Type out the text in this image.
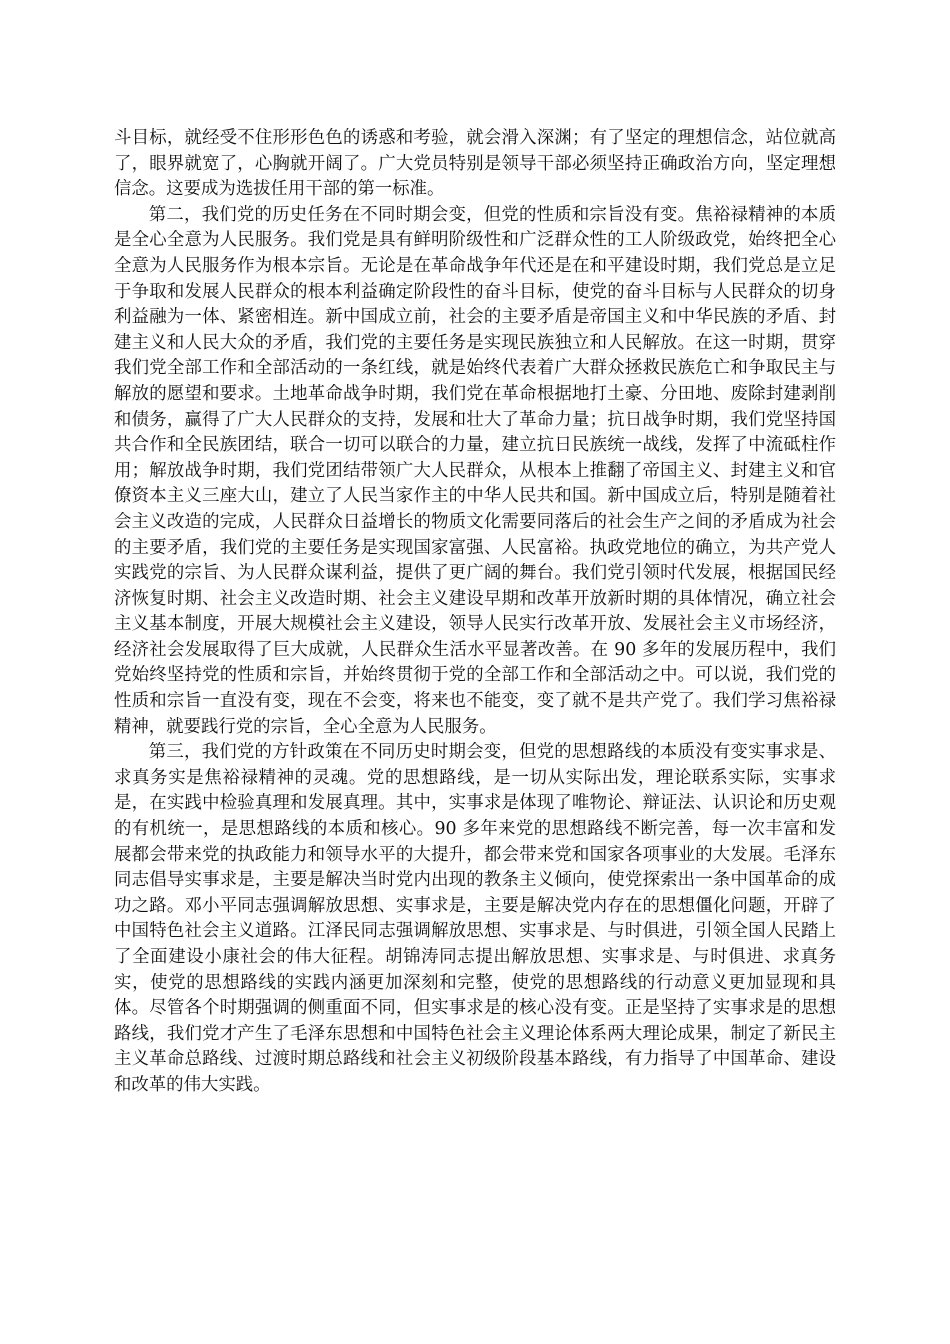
斗目标，就经受不住形形色色的诱惑和考验，就会滑入深渊；有了坚定的理想信念，站位就高了，眼界就宽了，心胸就开阔了。广大党员特别是领导干部必须坚持正确政治方向，坚定理想信念。这要成为选拔任用干部的第一标准。

第二，我们党的历史任务在不同时期会变，但党的性质和宗旨没有变。焦裕禄精神的本质是全心全意为人民服务。我们党是具有鲜明阶级性和广泛群众性的工人阶级政党，始终把全心全意为人民服务作为根本宗旨。无论是在革命战争年代还是在和平建设时期，我们党总是立足于争取和发展人民群众的根本利益确定阶段性的奋斗目标，使党的奋斗目标与人民群众的切身利益融为一体、紧密相连。新中国成立前，社会的主要矛盾是帝国主义和中华民族的矛盾、封建主义和人民大众的矛盾，我们党的主要任务是实现民族独立和人民解放。在这一时期，贯穿我们党全部工作和全部活动的一条红线，就是始终代表着广大群众拯救民族危亡和争取民主与解放的愿望和要求。土地革命战争时期，我们党在革命根据地打土豪、分田地、废除封建剥削和债务，赢得了广大人民群众的支持，发展和壮大了革命力量；抗日战争时期，我们党坚持国共合作和全民族团结，联合一切可以联合的力量，建立抗日民族统一战线，发挥了中流砥柱作用；解放战争时期，我们党团结带领广大人民群众，从根本上推翻了帝国主义、封建主义和官僚资本主义三座大山，建立了人民当家作主的中华人民共和国。新中国成立后，特别是随着社会主义改造的完成，人民群众日益增长的物质文化需要同落后的社会生产之间的矛盾成为社会的主要矛盾，我们党的主要任务是实现国家富强、人民富裕。执政党地位的确立，为共产党人实践党的宗旨、为人民群众谋利益，提供了更广阔的舞台。我们党引领时代发展，根据国民经济恢复时期、社会主义改造时期、社会主义建设早期和改革开放新时期的具体情况，确立社会主义基本制度，开展大规模社会主义建设，领导人民实行改革开放、发展社会主义市场经济，经济社会发展取得了巨大成就，人民群众生活水平显著改善。在 90 多年的发展历程中，我们党始终坚持党的性质和宗旨，并始终贯彻于党的全部工作和全部活动之中。可以说，我们党的性质和宗旨一直没有变，现在不会变，将来也不能变，变了就不是共产党了。我们学习焦裕禄精神，就要践行党的宗旨，全心全意为人民服务。

第三，我们党的方针政策在不同历史时期会变，但党的思想路线的本质没有变实事求是、求真务实是焦裕禄精神的灵魂。党的思想路线，是一切从实际出发，理论联系实际，实事求是，在实践中检验真理和发展真理。其中，实事求是体现了唯物论、辩证法、认识论和历史观的有机统一，是思想路线的本质和核心。90 多年来党的思想路线不断完善，每一次丰富和发展都会带来党的执政能力和领导水平的大提升，都会带来党和国家各项事业的大发展。毛泽东同志倡导实事求是，主要是解决当时党内出现的教条主义倾向，使党探索出一条中国革命的成功之路。邓小平同志强调解放思想、实事求是，主要是解决党内存在的思想僵化问题，开辟了中国特色社会主义道路。江泽民同志强调解放思想、实事求是、与时俱进，引领全国人民踏上了全面建设小康社会的伟大征程。胡锦涛同志提出解放思想、实事求是、与时俱进、求真务实，使党的思想路线的实践内涵更加深刻和完整，使党的思想路线的行动意义更加显现和具体。尽管各个时期强调的侧重面不同，但实事求是的核心没有变。正是坚持了实事求是的思想路线，我们党才产生了毛泽东思想和中国特色社会主义理论体系两大理论成果，制定了新民主主义革命总路线、过渡时期总路线和社会主义初级阶段基本路线，有力指导了中国革命、建设和改革的伟大实践。
